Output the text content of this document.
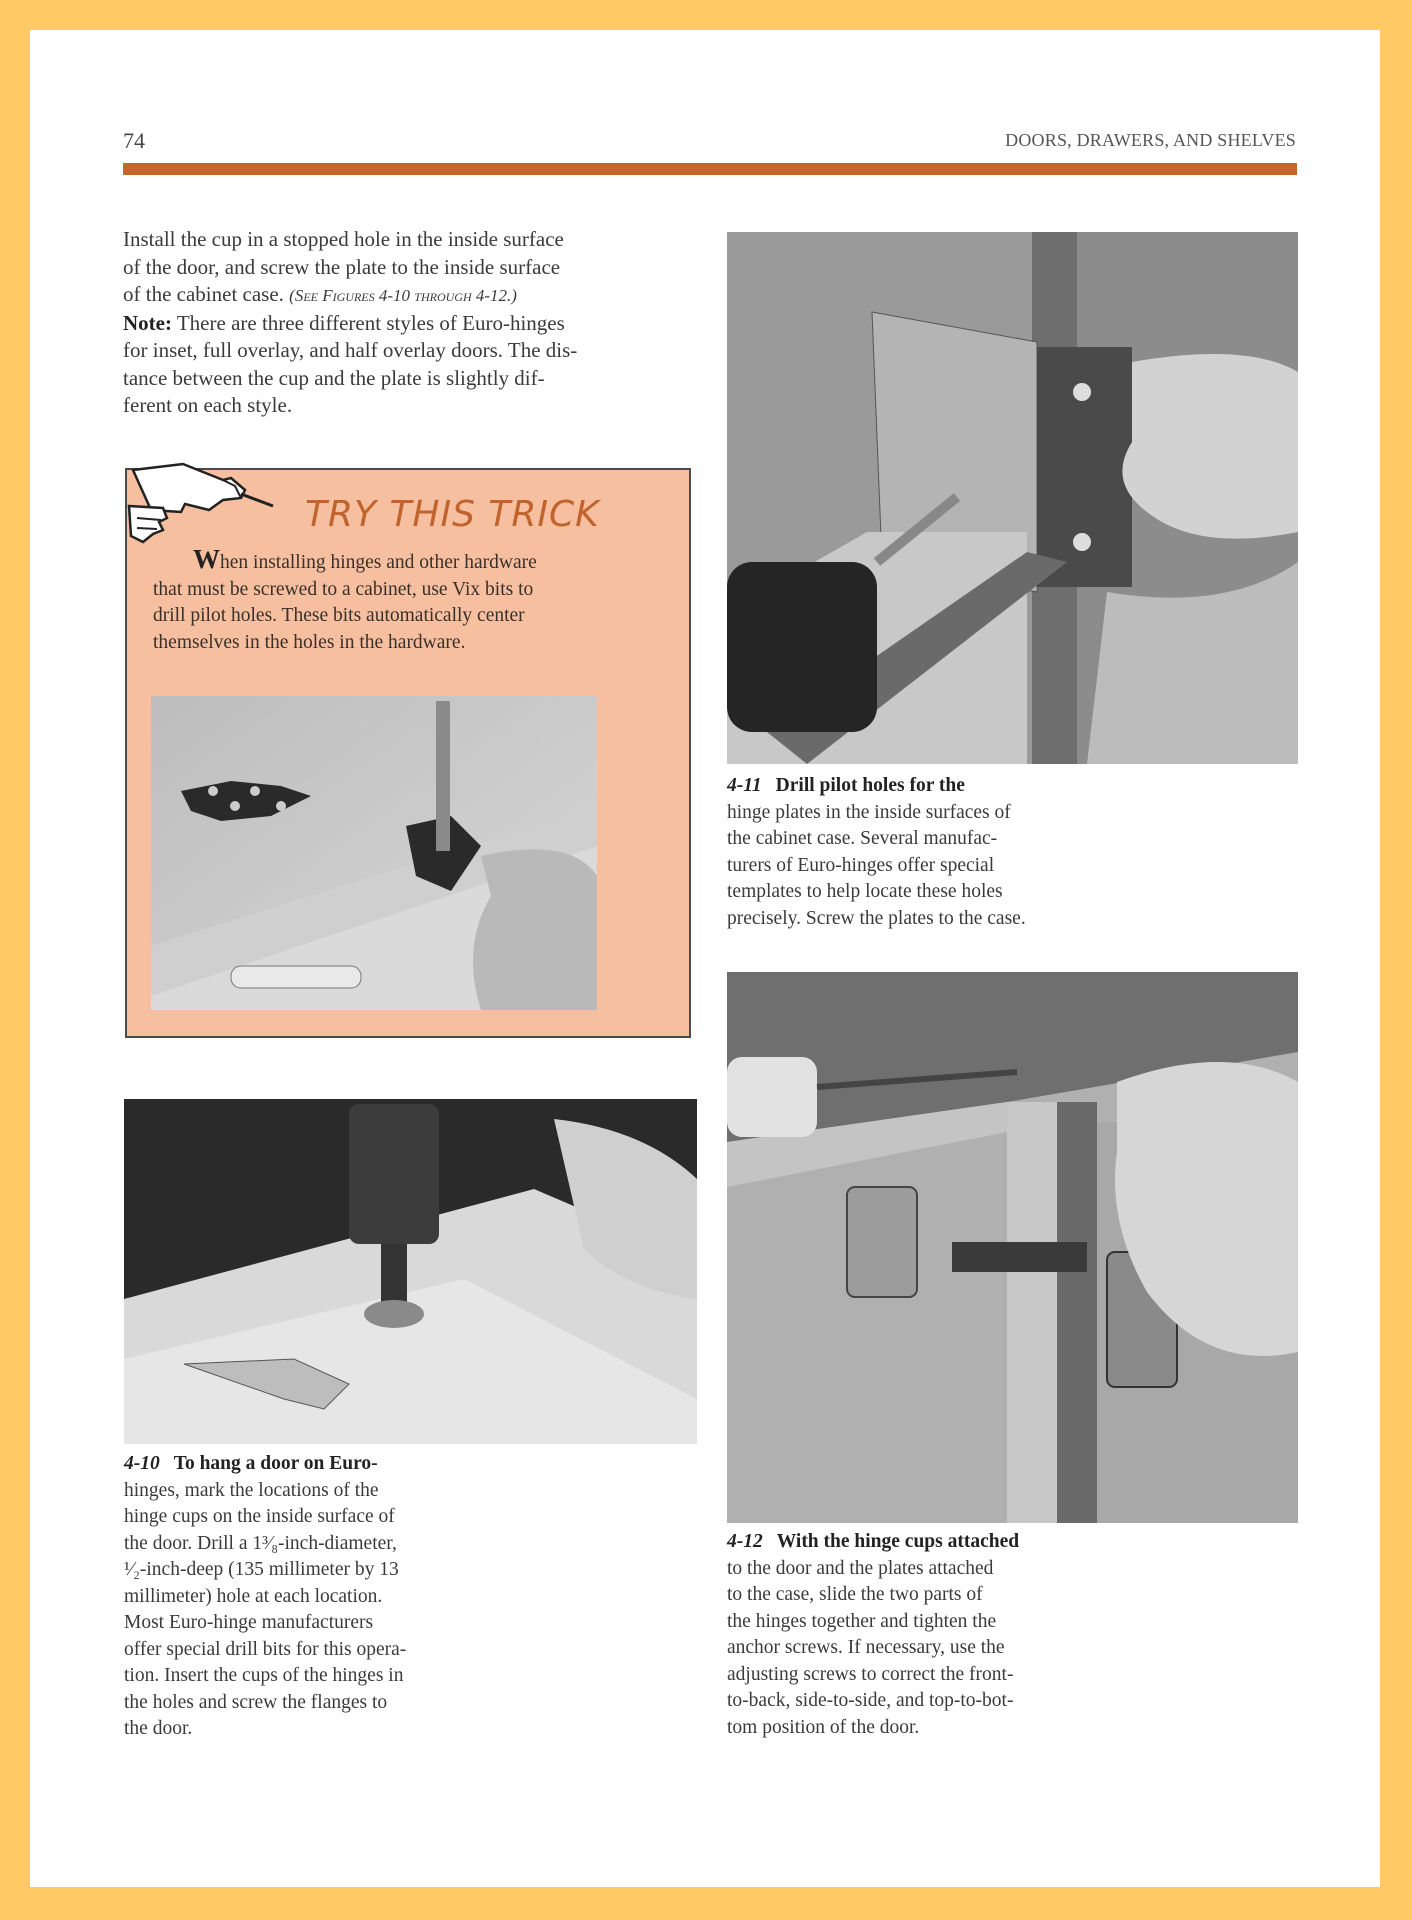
74	DOORS, DRAWERS, AND SHELVES
Install the cup in a stopped hole in the inside surface
of the door, and screw the plate to the inside surface
of the cabinet case. (See Figures 4-10 through 4-12.)
Note: There are three different styles of Euro-hinges
for inset, full overlay, and half overlay doors. The dis-
tance between the cup and the plate is slightly dif-
ferent on each style.
TRY THIS TRICK
When installing hinges and other hardware
that must be screwed to a cabinet, use Vix bits to
drill pilot holes. These bits automatically center
themselves in the holes in the hardware.
4-10 To hang a door on Euro-
hinges, mark the locations of the
hinge cups on the inside surface of
the door. Drill a 1³⁄₈-inch-diameter,
¹⁄₂-inch-deep (135 millimeter by 13
millimeter) hole at each location.
Most Euro-hinge manufacturers
offer special drill bits for this opera-
tion. Insert the cups of the hinges in
the holes and screw the flanges to
the door.
4-11 Drill pilot holes for the
hinge plates in the inside surfaces of
the cabinet case. Several manufac-
turers of Euro-hinges offer special
templates to help locate these holes
precisely. Screw the plates to the case.
4-12 With the hinge cups attached
to the door and the plates attached
to the case, slide the two parts of
the hinges together and tighten the
anchor screws. If necessary, use the
adjusting screws to correct the front-
to-back, side-to-side, and top-to-bot-
tom position of the door.
